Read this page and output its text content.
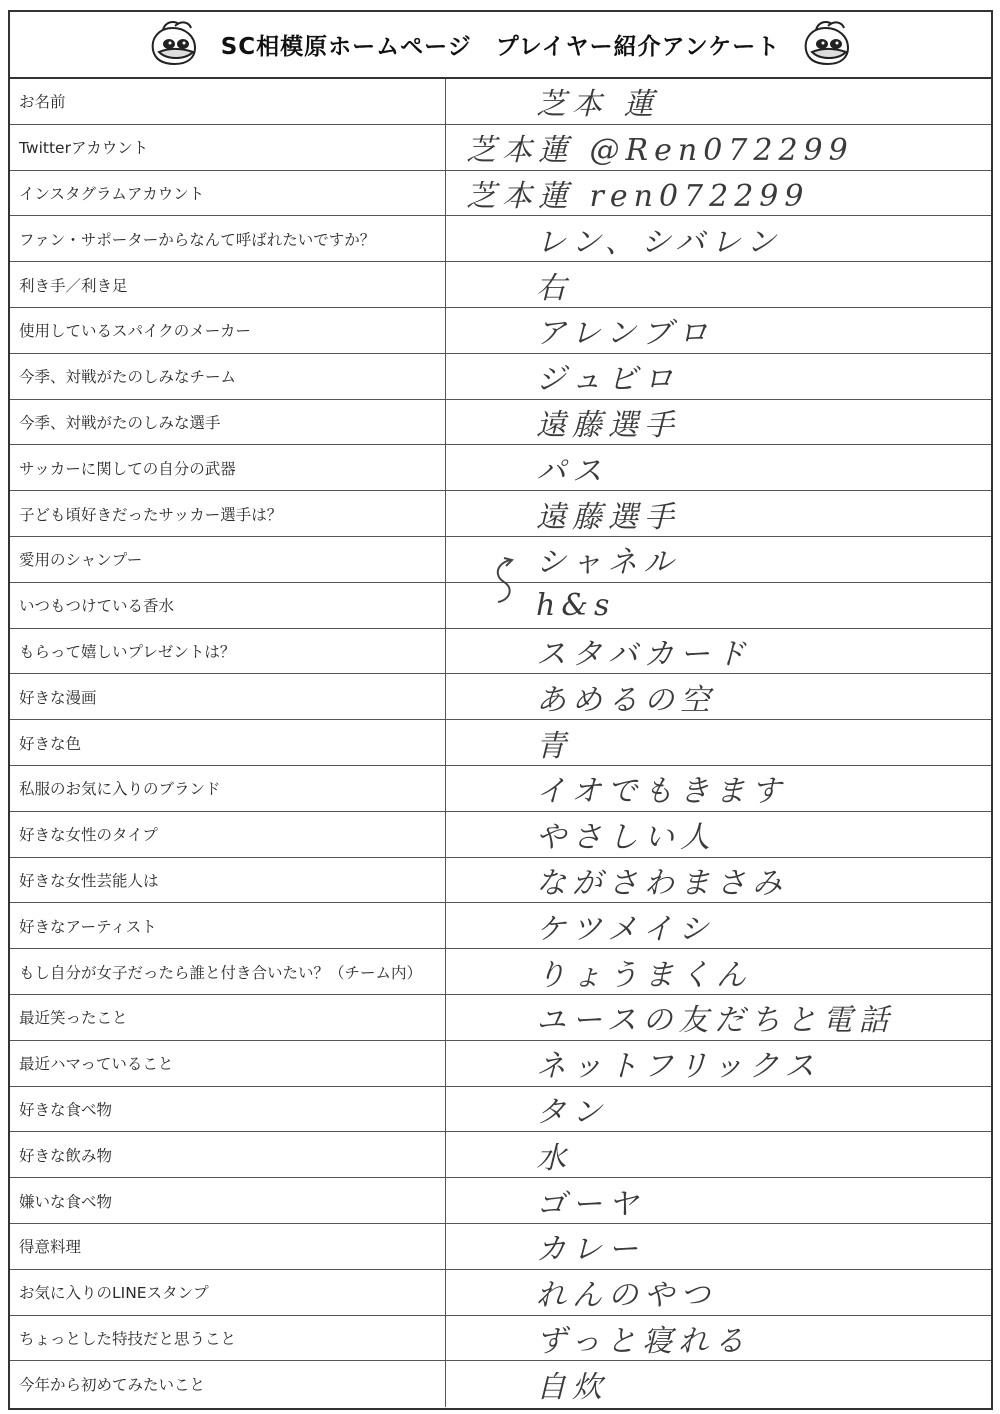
SC相模原ホームページ　プレイヤー紹介アンケート
お名前	芝本 蓮
Twitterアカウント	芝本蓮 @Ren072299
インスタグラムアカウント	芝本蓮 ren072299
ファン・サポーターからなんて呼ばれたいですか？	レン、シバレン
利き手／利き足	右
使用しているスパイクのメーカー	アレンブロ
今季、対戦がたのしみなチーム	ジュビロ
今季、対戦がたのしみな選手	遠藤選手
サッカーに関しての自分の武器	パス
子ども頃好きだったサッカー選手は？	遠藤選手
愛用のシャンプー	シャネル
いつもつけている香水	h&s
もらって嬉しいプレゼントは？	スタバカード
好きな漫画	あめるの空
好きな色	青
私服のお気に入りのブランド	イオでもきます
好きな女性のタイプ	やさしい人
好きな女性芸能人は	ながさわまさみ
好きなアーティスト	ケツメイシ
もし自分が女子だったら誰と付き合いたい？（チーム内）	りょうまくん
最近笑ったこと	ユースの友だちと電話
最近ハマっていること	ネットフリックス
好きな食べ物	タン
好きな飲み物	水
嫌いな食べ物	ゴーヤ
得意料理	カレー
お気に入りのLINEスタンプ	れんのやつ
ちょっとした特技だと思うこと	ずっと寝れる
今年から初めてみたいこと	自炊
